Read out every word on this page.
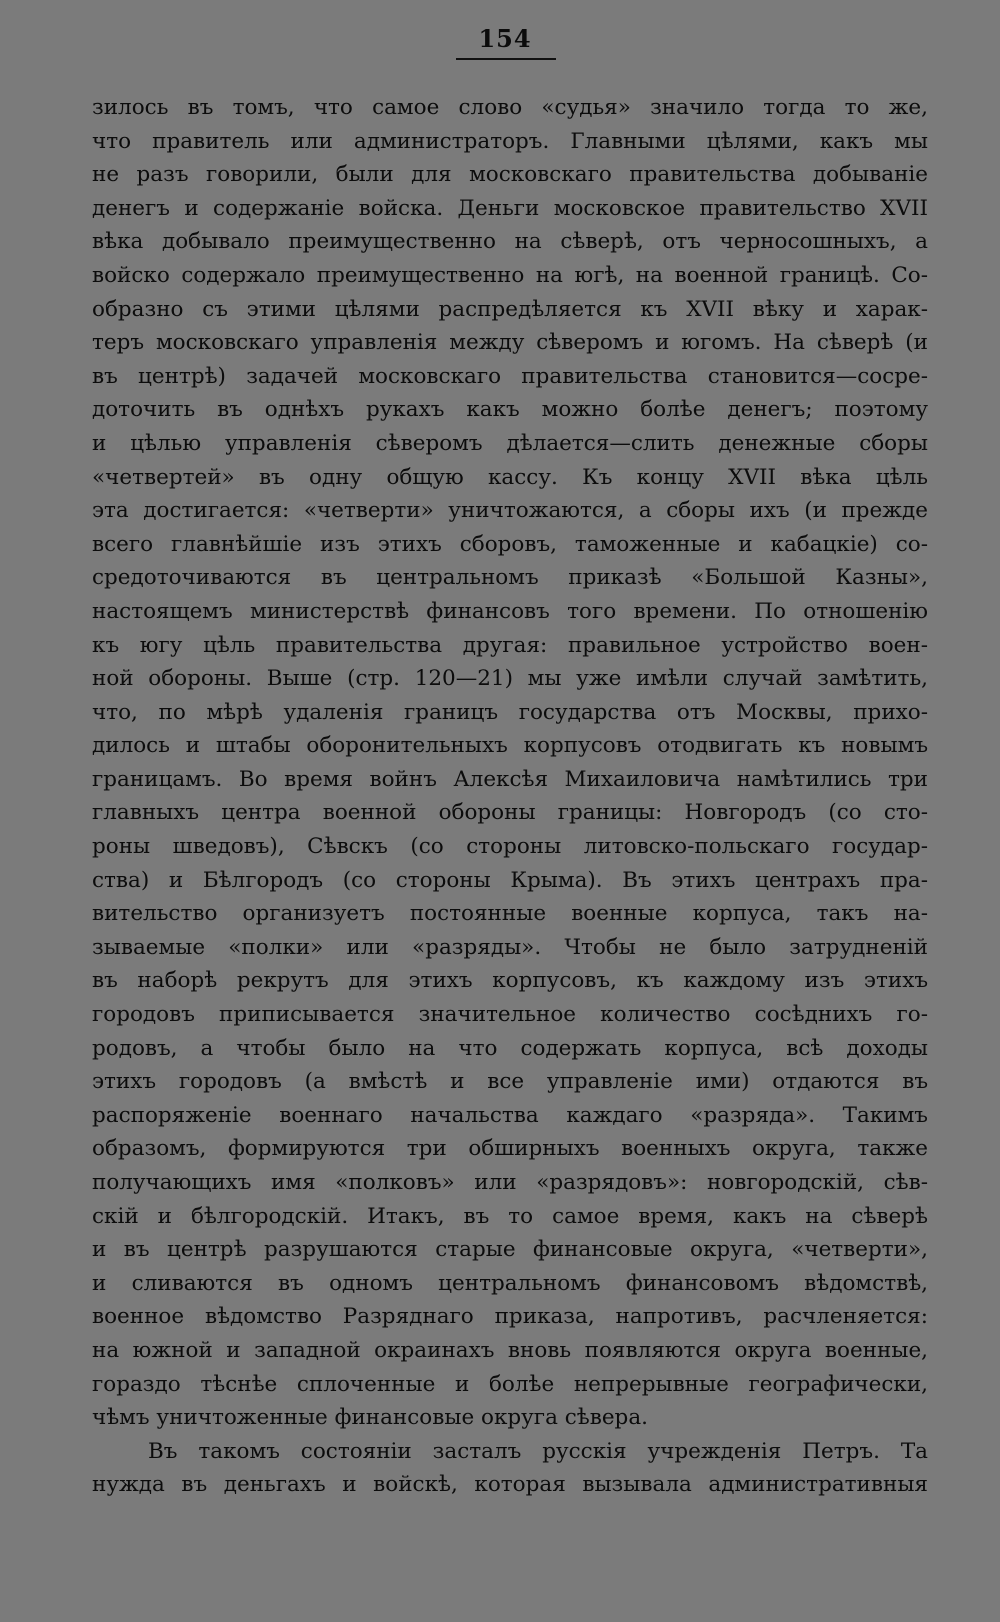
154
зилось въ томъ, что самое слово «судья» значило тогда то же,
что правитель или администраторъ. Главными цѣлями, какъ мы
не разъ говорили, были для московскаго правительства добываніе
денегъ и содержаніе войска. Деньги московское правительство XVII
вѣка добывало преимущественно на сѣверѣ, отъ черносошныхъ, а
войско содержало преимущественно на югѣ, на военной границѣ. Со-
образно съ этими цѣлями распредѣляется къ XVII вѣку и харак-
теръ московскаго управленія между сѣверомъ и югомъ. На сѣверѣ (и
въ центрѣ) задачей московскаго правительства становится—сосре-
доточить въ однѣхъ рукахъ какъ можно болѣе денегъ; поэтому
и цѣлью управленія сѣверомъ дѣлается—слить денежные сборы
«четвертей» въ одну общую кассу. Къ концу XVII вѣка цѣль
эта достигается: «четверти» уничтожаются, а сборы ихъ (и прежде
всего главнѣйшіе изъ этихъ сборовъ, таможенные и кабацкіе) со-
средоточиваются въ центральномъ приказѣ «Большой Казны»,
настоящемъ министерствѣ финансовъ того времени. По отношенію
къ югу цѣль правительства другая: правильное устройство воен-
ной обороны. Выше (стр. 120—21) мы уже имѣли случай замѣтить,
что, по мѣрѣ удаленія границъ государства отъ Москвы, прихо-
дилось и штабы оборонительныхъ корпусовъ отодвигать къ новымъ
границамъ. Во время войнъ Алексѣя Михаиловича намѣтились три
главныхъ центра военной обороны границы: Новгородъ (со сто-
роны шведовъ), Сѣвскъ (со стороны литовско-польскаго государ-
ства) и Бѣлгородъ (со стороны Крыма). Въ этихъ центрахъ пра-
вительство организуетъ постоянные военные корпуса, такъ на-
зываемые «полки» или «разряды». Чтобы не было затрудненій
въ наборѣ рекрутъ для этихъ корпусовъ, къ каждому изъ этихъ
городовъ приписывается значительное количество сосѣднихъ го-
родовъ, а чтобы было на что содержать корпуса, всѣ доходы
этихъ городовъ (а вмѣстѣ и все управленіе ими) отдаются въ
распоряженіе военнаго начальства каждаго «разряда». Такимъ
образомъ, формируются три обширныхъ военныхъ округа, также
получающихъ имя «полковъ» или «разрядовъ»: новгородскій, сѣв-
скій и бѣлгородскій. Итакъ, въ то самое время, какъ на сѣверѣ
и въ центрѣ разрушаются старые финансовые округа, «четверти»,
и сливаются въ одномъ центральномъ финансовомъ вѣдомствѣ,
военное вѣдомство Разряднаго приказа, напротивъ, расчленяется:
на южной и западной окраинахъ вновь появляются округа военные,
гораздо тѣснѣе сплоченные и болѣе непрерывные географически,
чѣмъ уничтоженные финансовые округа сѣвера.
Въ такомъ состояніи засталъ русскія учрежденія Петръ. Та
нужда въ деньгахъ и войскѣ, которая вызывала административныя
